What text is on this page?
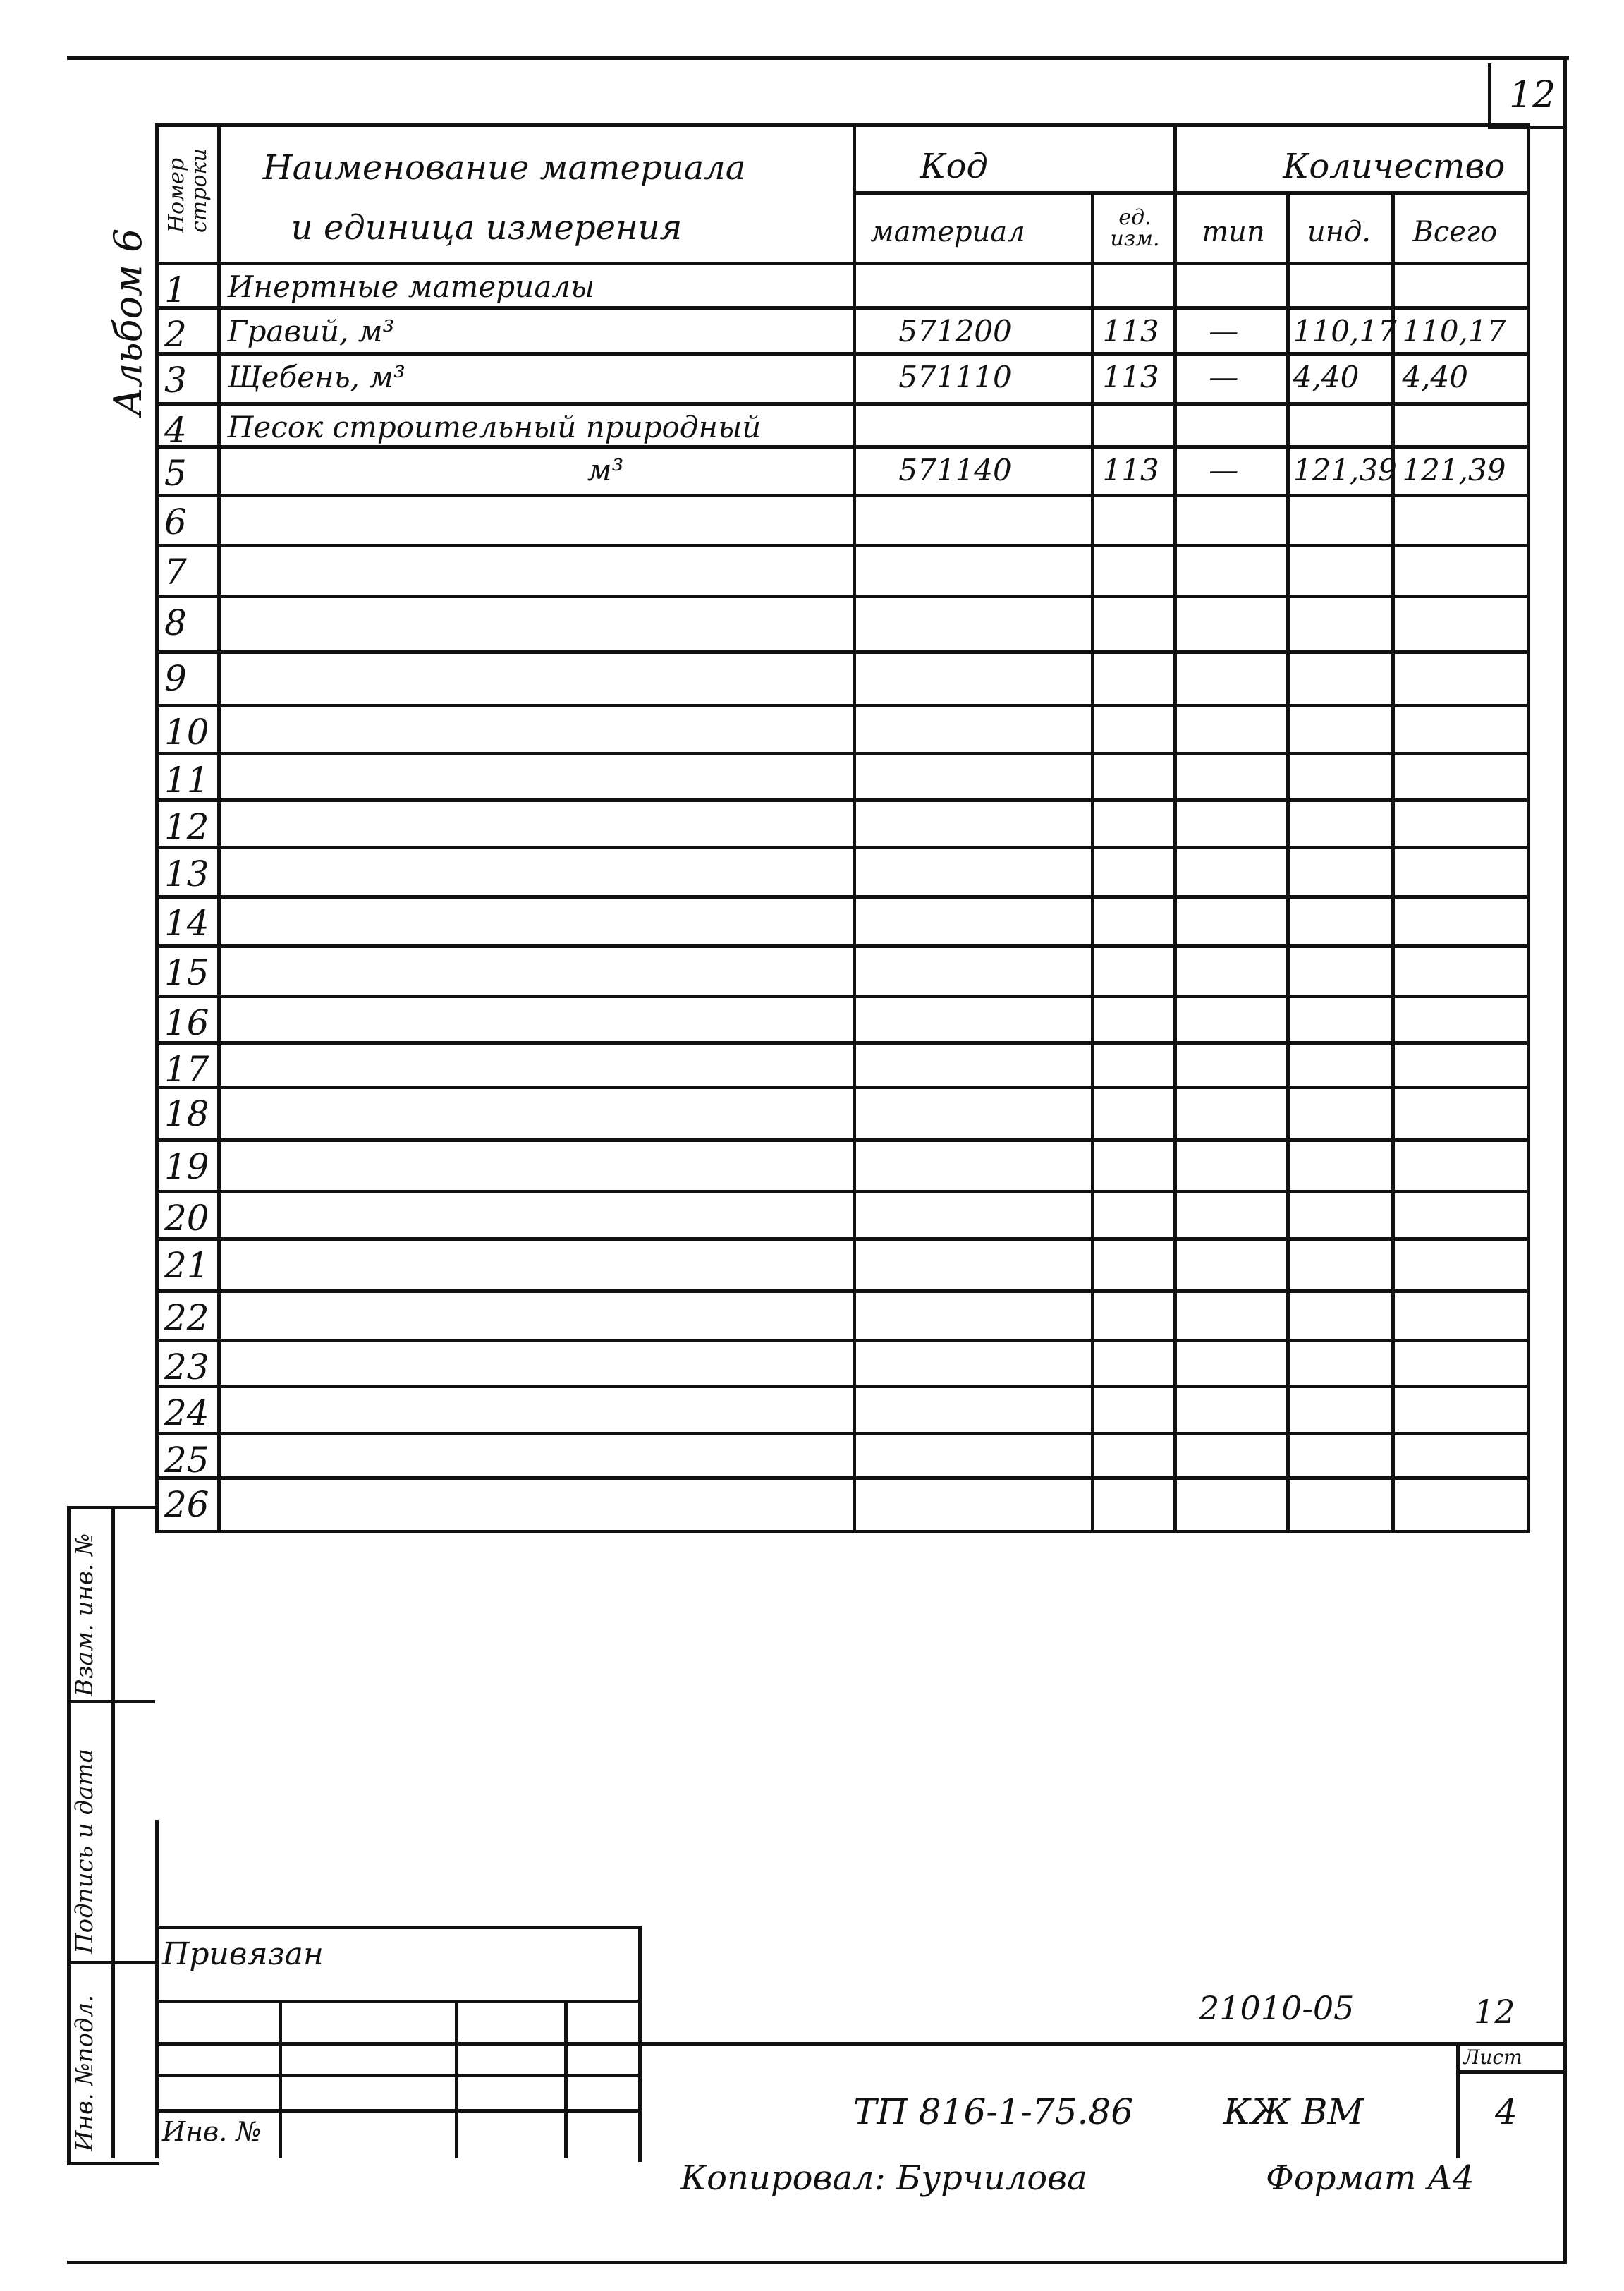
12
Альбом 6
Номер строки	Наименование материала
и единица измерения	Код		Количество		

		материал	ед. изм.	тип	инд.	Всего

1	Инертные материалы					

2	Гравий, м³	571200	113	—	110,17	110,17

3	Щебень, м³	571110	113	—	4,40	4,40

4	Песок строительный природный					

5	м³	571140	113	—	121,39	121,39

6						

7						

8						

9						

10						

11						

12						

13						

14						

15						

16						

17						

18						

19						

20						

21						

22						

23						

24						

25						

26						

Инв. №подл.
Подпись и дата
Взам. инв. №
Привязан
Инв. №
21010-05	12
Лист
ТП 816-1-75.86	КЖ ВМ	4
Копировал: Бурчилова	Формат А4
